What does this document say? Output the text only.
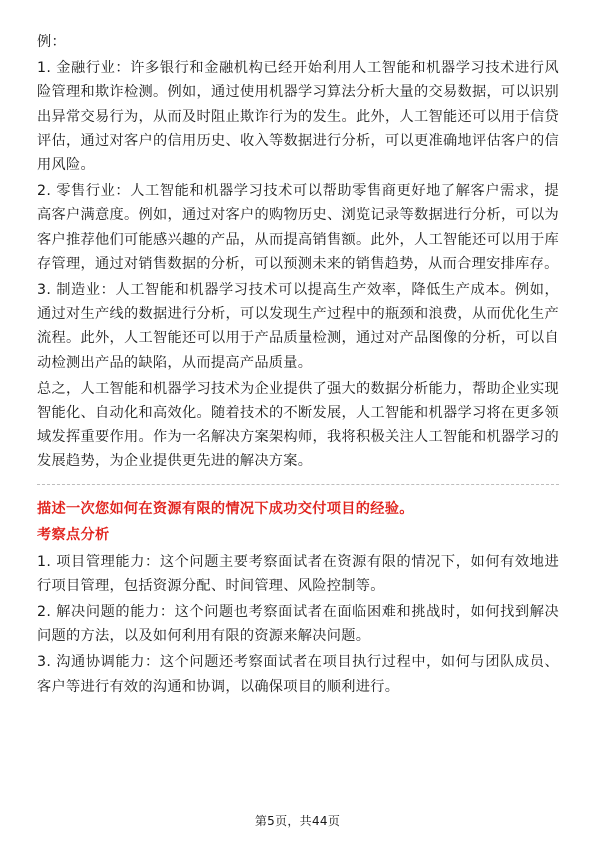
例：

1. 金融行业：许多银行和金融机构已经开始利用人工智能和机器学习技术进行风险管理和欺诈检测。例如，通过使用机器学习算法分析大量的交易数据，可以识别出异常交易行为，从而及时阻止欺诈行为的发生。此外，人工智能还可以用于信贷评估，通过对客户的信用历史、收入等数据进行分析，可以更准确地评估客户的信用风险。

2. 零售行业：人工智能和机器学习技术可以帮助零售商更好地了解客户需求，提高客户满意度。例如，通过对客户的购物历史、浏览记录等数据进行分析，可以为客户推荐他们可能感兴趣的产品，从而提高销售额。此外，人工智能还可以用于库存管理，通过对销售数据的分析，可以预测未来的销售趋势，从而合理安排库存。

3. 制造业：人工智能和机器学习技术可以提高生产效率，降低生产成本。例如，通过对生产线的数据进行分析，可以发现生产过程中的瓶颈和浪费，从而优化生产流程。此外，人工智能还可以用于产品质量检测，通过对产品图像的分析，可以自动检测出产品的缺陷，从而提高产品质量。

总之，人工智能和机器学习技术为企业提供了强大的数据分析能力，帮助企业实现智能化、自动化和高效化。随着技术的不断发展，人工智能和机器学习将在更多领域发挥重要作用。作为一名解决方案架构师，我将积极关注人工智能和机器学习的发展趋势，为企业提供更先进的解决方案。

描述一次您如何在资源有限的情况下成功交付项目的经验。

考察点分析

1. 项目管理能力：这个问题主要考察面试者在资源有限的情况下，如何有效地进行项目管理，包括资源分配、时间管理、风险控制等。

2. 解决问题的能力：这个问题也考察面试者在面临困难和挑战时，如何找到解决问题的方法，以及如何利用有限的资源来解决问题。

3. 沟通协调能力：这个问题还考察面试者在项目执行过程中，如何与团队成员、客户等进行有效的沟通和协调，以确保项目的顺利进行。

第5页，共44页
